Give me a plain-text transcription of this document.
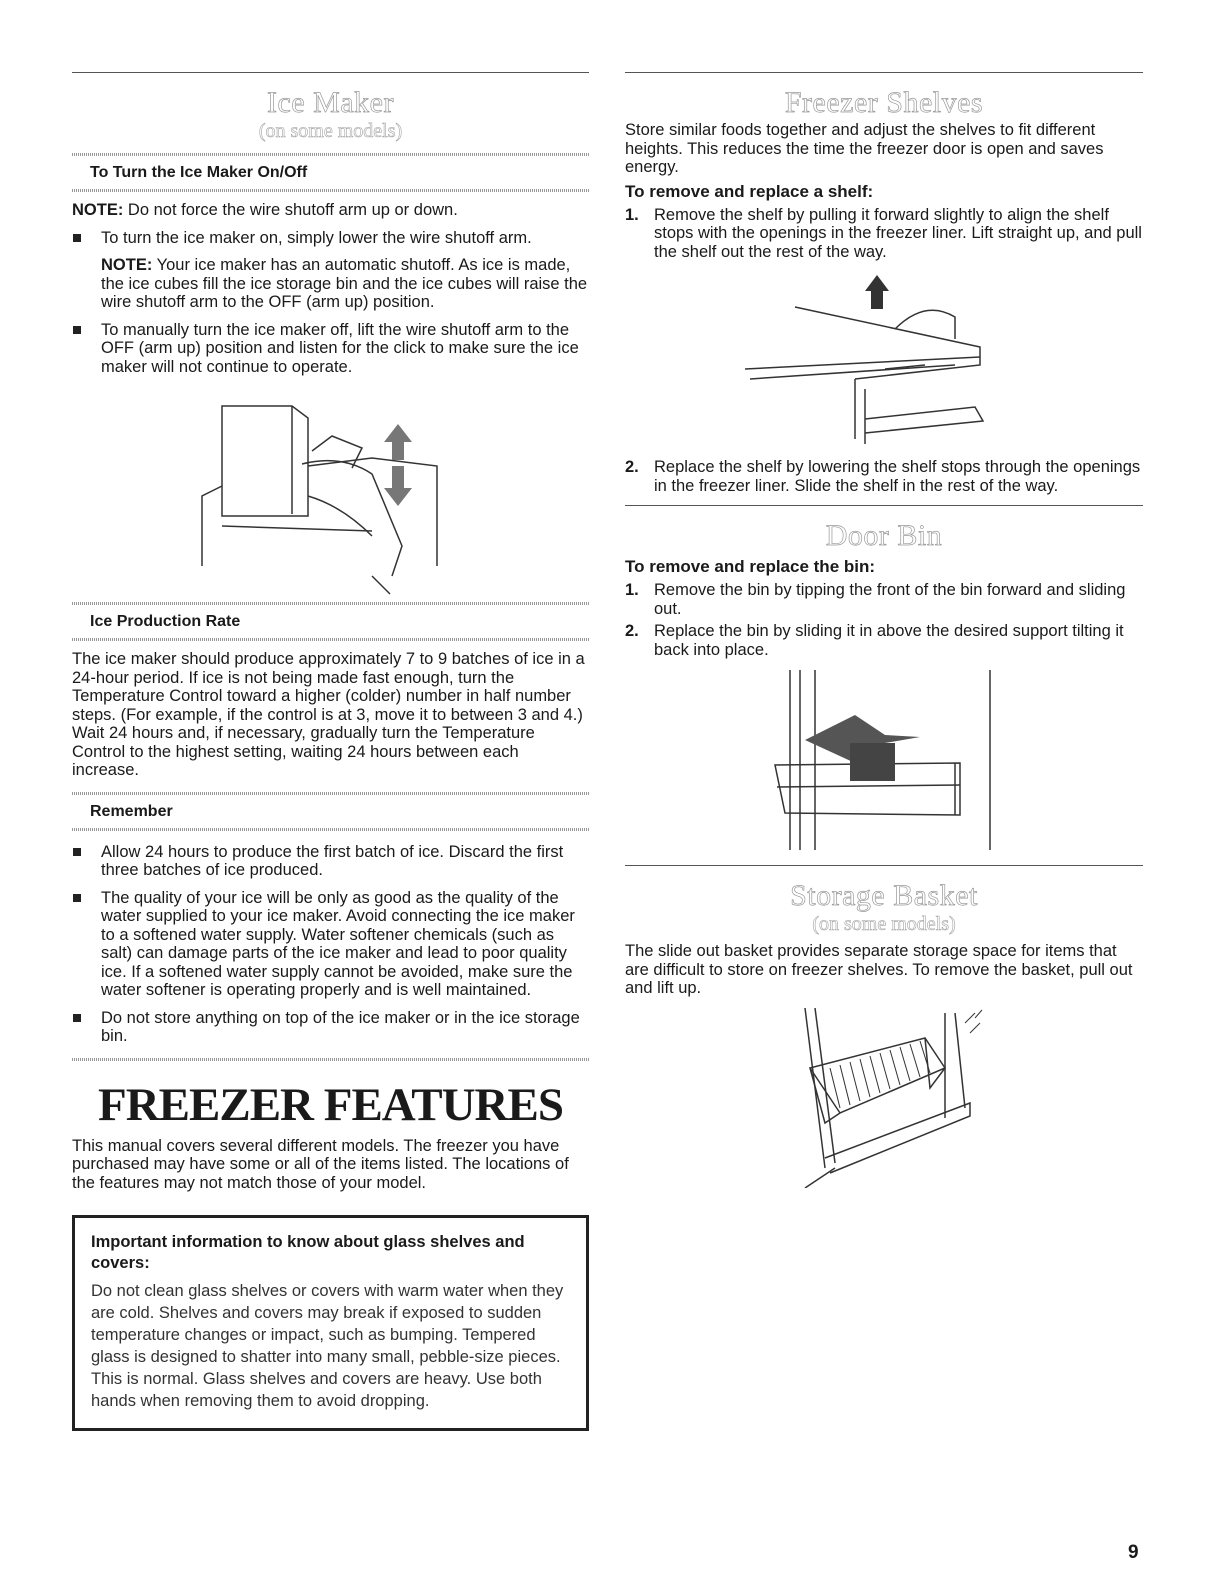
Ice Maker
(on some models)
To Turn the Ice Maker On/Off

NOTE: Do not force the wire shutoff arm up or down.

To turn the ice maker on, simply lower the wire shutoff arm.

NOTE: Your ice maker has an automatic shutoff. As ice is made, the ice cubes fill the ice storage bin and the ice cubes will raise the wire shutoff arm to the OFF (arm up) position.

To manually turn the ice maker off, lift the wire shutoff arm to the OFF (arm up) position and listen for the click to make sure the ice maker will not continue to operate.
Ice Production Rate

The ice maker should produce approximately 7 to 9 batches of ice in a 24-hour period. If ice is not being made fast enough, turn the Temperature Control toward a higher (colder) number in half number steps. (For example, if the control is at 3, move it to between 3 and 4.) Wait 24 hours and, if necessary, gradually turn the Temperature Control to the highest setting, waiting 24 hours between each increase.

Remember
Allow 24 hours to produce the first batch of ice. Discard the first three batches of ice produced.
The quality of your ice will be only as good as the quality of the water supplied to your ice maker. Avoid connecting the ice maker to a softened water supply. Water softener chemicals (such as salt) can damage parts of the ice maker and lead to poor quality ice. If a softened water supply cannot be avoided, make sure the water softener is operating properly and is well maintained.
Do not store anything on top of the ice maker or in the ice storage bin.
FREEZER FEATURES

This manual covers several different models. The freezer you have purchased may have some or all of the items listed. The locations of the features may not match those of your model.

Important information to know about glass shelves and covers:
Do not clean glass shelves or covers with warm water when they are cold. Shelves and covers may break if exposed to sudden temperature changes or impact, such as bumping. Tempered glass is designed to shatter into many small, pebble-size pieces. This is normal. Glass shelves and covers are heavy. Use both hands when removing them to avoid dropping.
Freezer Shelves

Store similar foods together and adjust the shelves to fit different heights. This reduces the time the freezer door is open and saves energy.

To remove and replace a shelf:
1. Remove the shelf by pulling it forward slightly to align the shelf stops with the openings in the freezer liner. Lift straight up, and pull the shelf out the rest of the way.
2. Replace the shelf by lowering the shelf stops through the openings in the freezer liner. Slide the shelf in the rest of the way.
Door Bin
To remove and replace the bin:
1. Remove the bin by tipping the front of the bin forward and sliding out.
2. Replace the bin by sliding it in above the desired support tilting it back into place.
Storage Basket
(on some models)

The slide out basket provides separate storage space for items that are difficult to store on freezer shelves. To remove the basket, pull out and lift up.

9
